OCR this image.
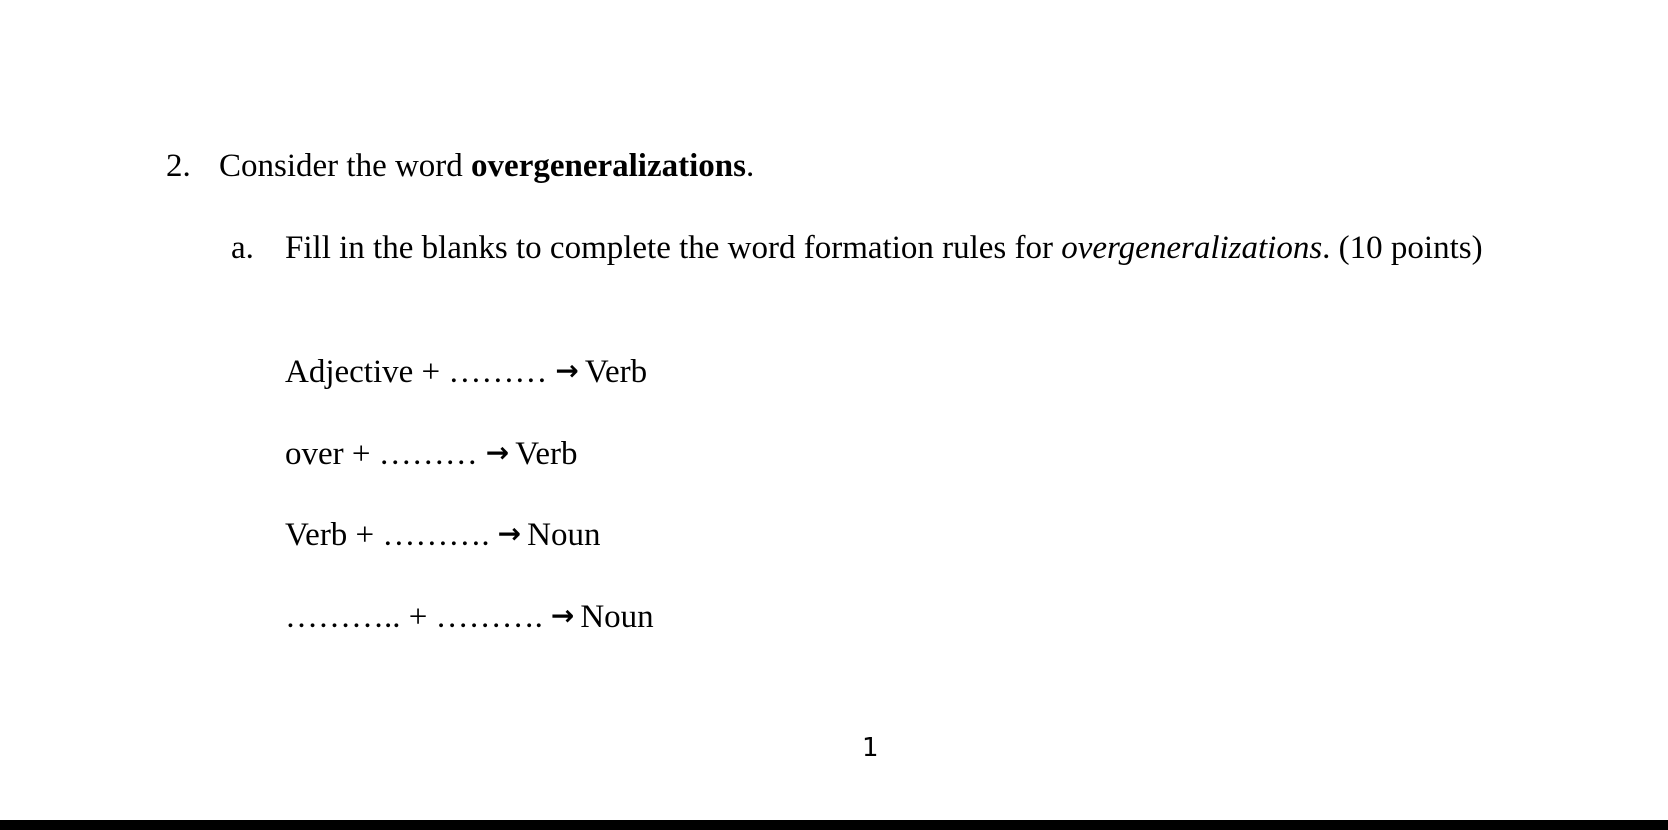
2. Consider the word overgeneralizations.
a. Fill in the blanks to complete the word formation rules for overgeneralizations. (10 points)
Adjective + ……… → Verb
over + ……… → Verb
Verb + ………. → Noun
……….. + ………. → Noun
1
